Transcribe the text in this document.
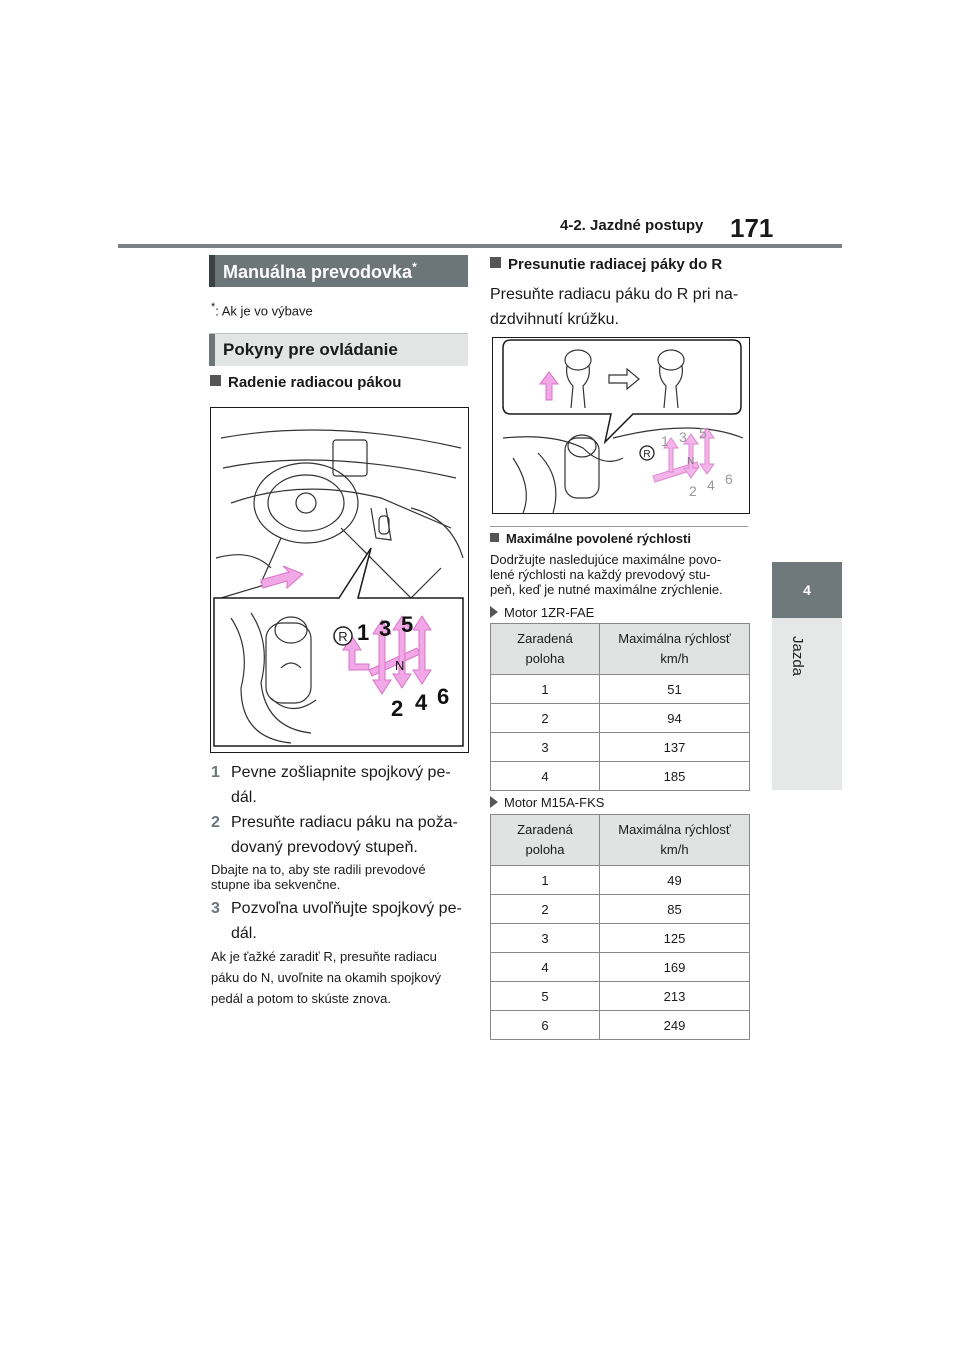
4-2. Jazdné postupy 171
4
Jazda
Manuálna prevodovka*
*: Ak je vo výbave
Pokyny pre ovládanie
Radenie radiacou pákou
R 1 3 5
N
2 4 6
1 Pevne zošliapnite spojkový pe-
dál.
2 Presuňte radiacu páku na poža-
dovaný prevodový stupeň.
Dbajte na to, aby ste radili prevodové
stupne iba sekvenčne.
3 Pozvoľna uvoľňujte spojkový pe-
dál.
Ak je ťažké zaradiť R, presuňte radiacu
páku do N, uvoľnite na okamih spojkový
pedál a potom to skúste znova.
Presunutie radiacej páky do R
Presuňte radiacu páku do R pri na-
dzdvihnutí krúžku.
R
1 3 5
N
2 4 6
Maximálne povolené rýchlosti
Dodržujte nasledujúce maximálne povo-
lené rýchlosti na každý prevodový stu-
peň, keď je nutné maximálne zrýchlenie.
Motor 1ZR-FAE
Zaradená
poloha	Maximálna rýchlosť
km/h
1	51
2	94
3	137
4	185
Motor M15A-FKS
Zaradená
poloha	Maximálna rýchlosť
km/h
1	49
2	85
3	125
4	169
5	213
6	249
